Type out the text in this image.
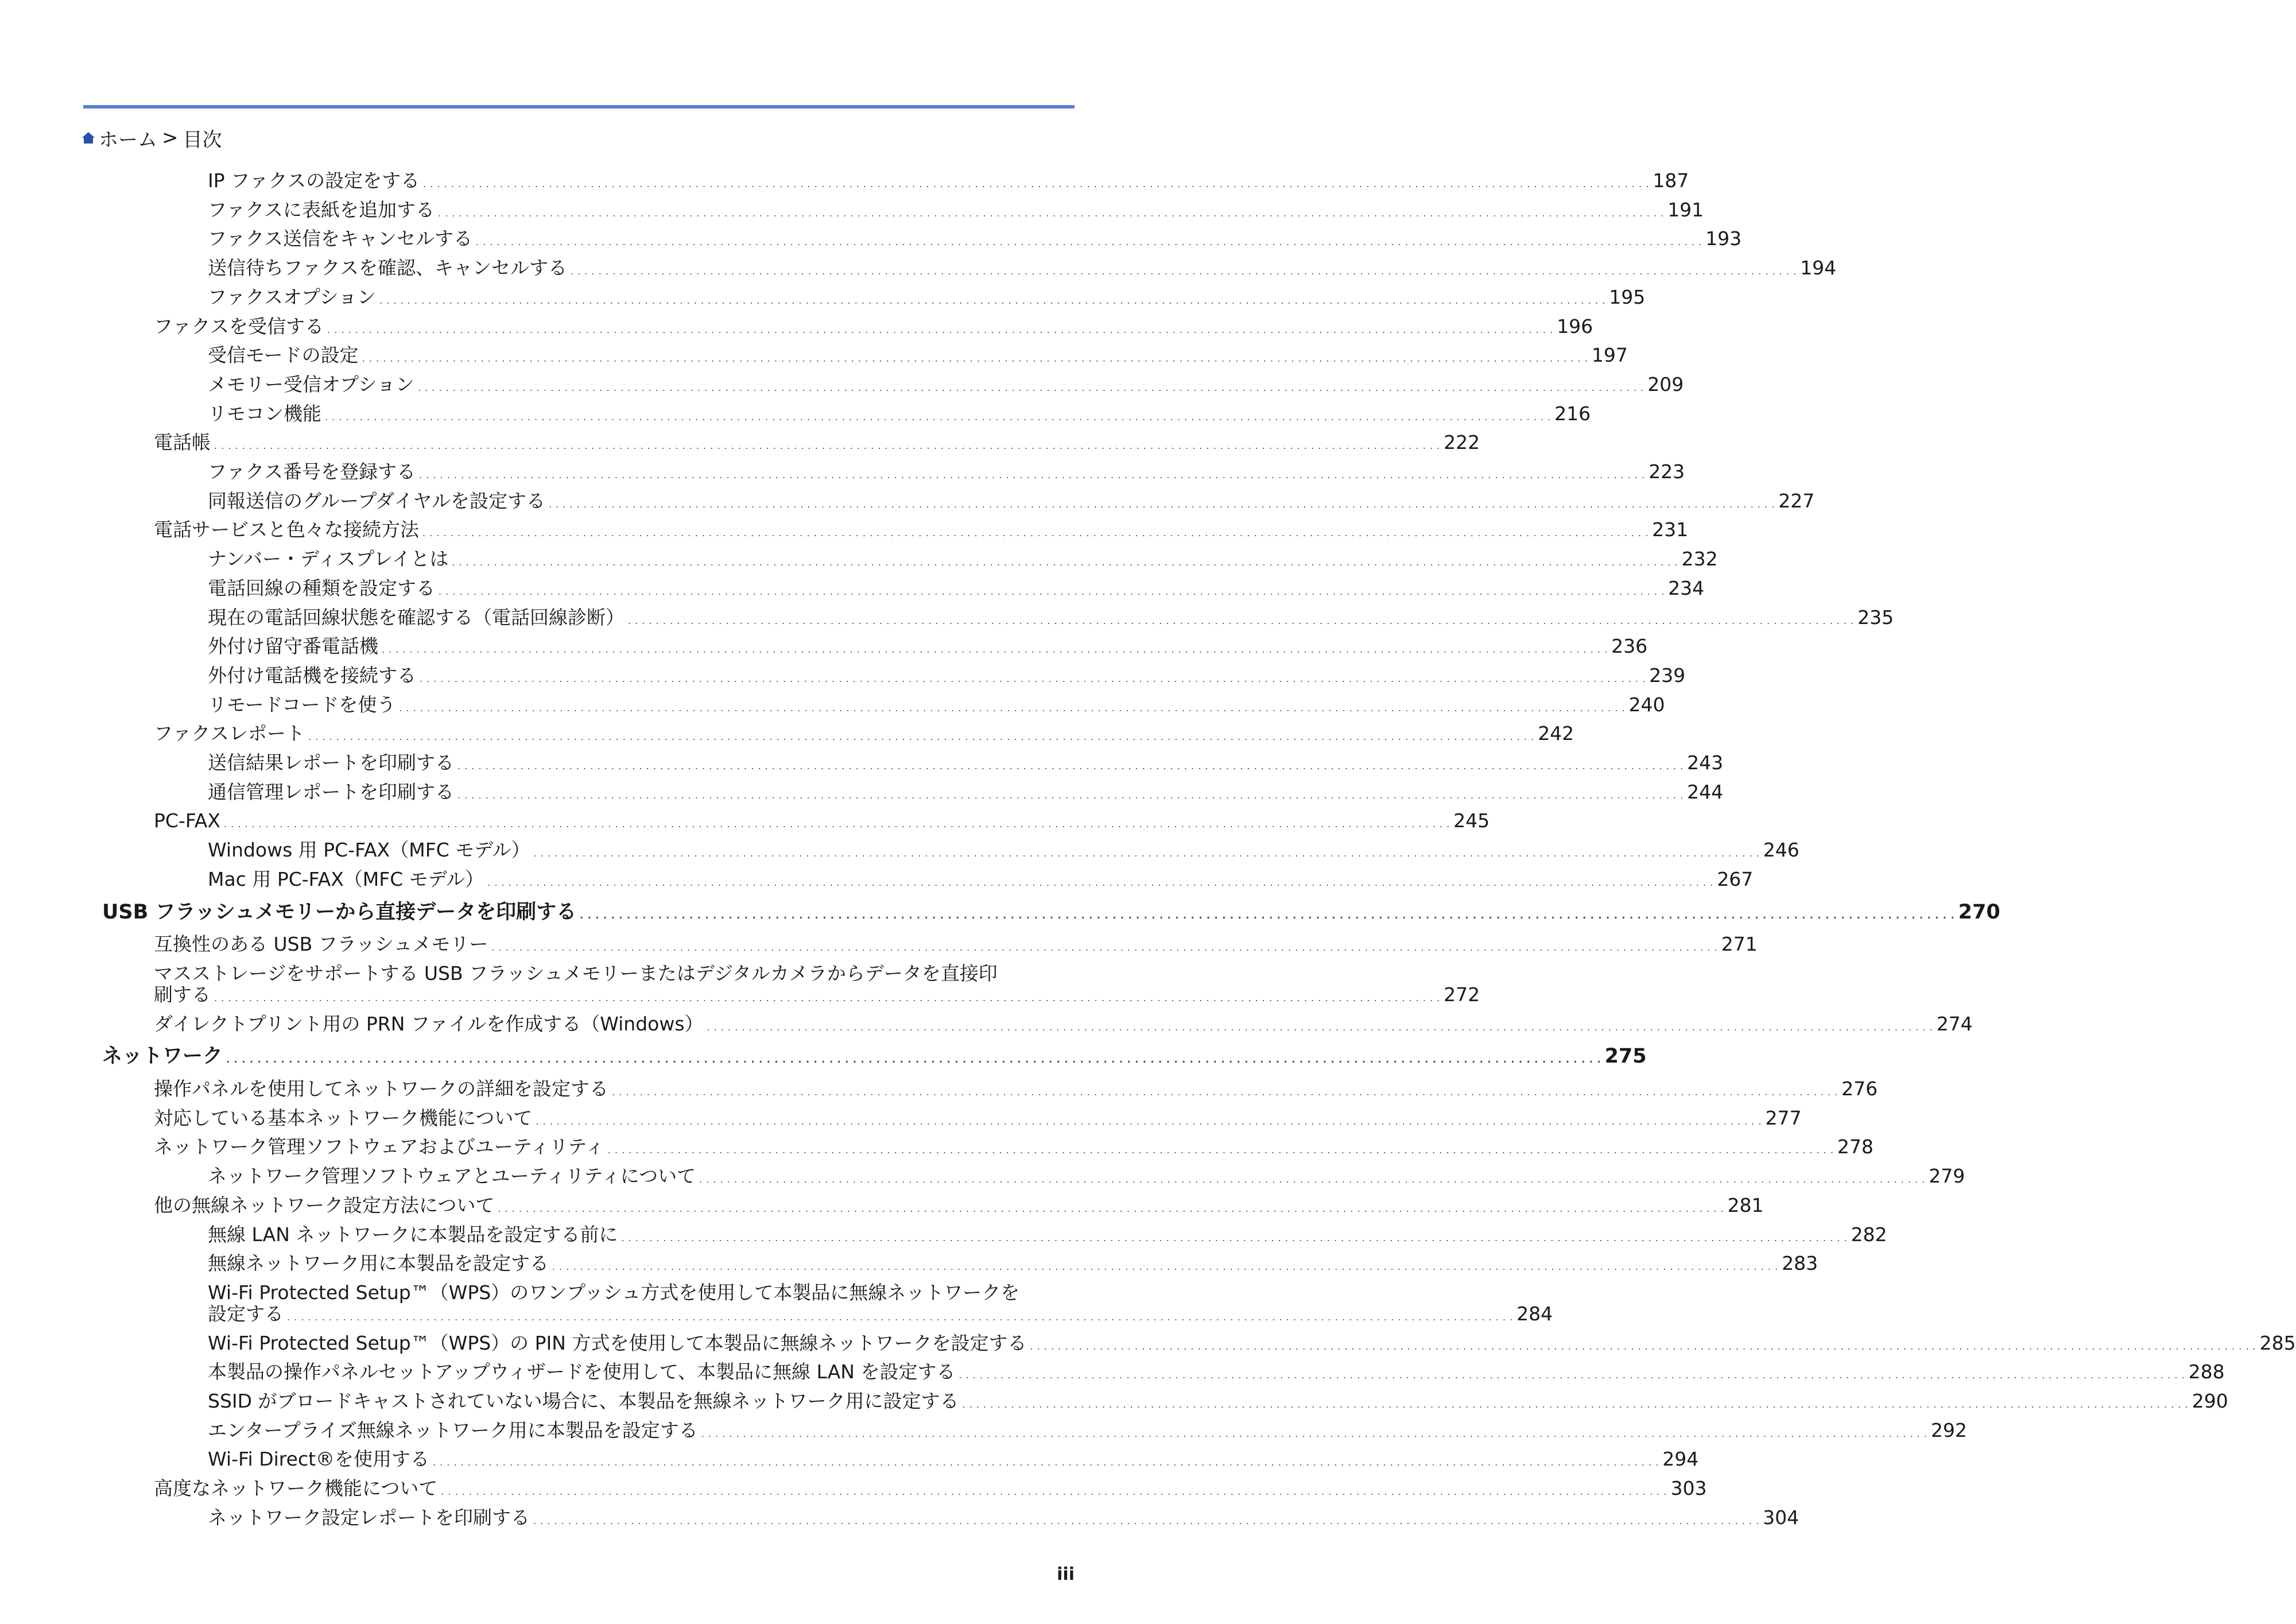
ホーム > 目次
IP ファクスの設定をする . . .	187
ファクスに表紙を追加する . . .	191
ファクス送信をキャンセルする . . .	193
送信待ちファクスを確認、キャンセルする . . .	194
ファクスオプション . . .	195
ファクスを受信する . . .	196
受信モードの設定 . . .	197
メモリー受信オプション . . .	209
リモコン機能 . . .	216
電話帳 . . .	222
ファクス番号を登録する . . .	223
同報送信のグループダイヤルを設定する . . .	227
電話サービスと色々な接続方法 . . .	231
ナンバー・ディスプレイとは . . .	232
電話回線の種類を設定する . . .	234
現在の電話回線状態を確認する（電話回線診断） . . .	235
外付け留守番電話機 . . .	236
外付け電話機を接続する . . .	239
リモードコードを使う . . .	240
ファクスレポート . . .	242
送信結果レポートを印刷する . . .	243
通信管理レポートを印刷する . . .	244
PC-FAX . . .	245
Windows 用 PC-FAX（MFC モデル） . . .	246
Mac 用 PC-FAX（MFC モデル） . . .	267
USB フラッシュメモリーから直接データを印刷する . . .	270
互換性のある USB フラッシュメモリー . . .	271
マスストレージをサポートする USB フラッシュメモリーまたはデジタルカメラからデータを直接印
刷する . . .	272
ダイレクトプリント用の PRN ファイルを作成する（Windows） . . .	274
ネットワーク . . .	275
操作パネルを使用してネットワークの詳細を設定する . . .	276
対応している基本ネットワーク機能について . . .	277
ネットワーク管理ソフトウェアおよびユーティリティ . . .	278
ネットワーク管理ソフトウェアとユーティリティについて . . .	279
他の無線ネットワーク設定方法について . . .	281
無線 LAN ネットワークに本製品を設定する前に . . .	282
無線ネットワーク用に本製品を設定する . . .	283
Wi-Fi Protected Setup™（WPS）のワンプッシュ方式を使用して本製品に無線ネットワークを
設定する . . .	284
Wi-Fi Protected Setup™（WPS）の PIN 方式を使用して本製品に無線ネットワークを設定する . . .	285
本製品の操作パネルセットアップウィザードを使用して、本製品に無線 LAN を設定する . . .	288
SSID がブロードキャストされていない場合に、本製品を無線ネットワーク用に設定する . . .	290
エンタープライズ無線ネットワーク用に本製品を設定する . . .	292
Wi-Fi Direct®を使用する . . .	294
高度なネットワーク機能について . . .	303
ネットワーク設定レポートを印刷する . . .	304
iii
